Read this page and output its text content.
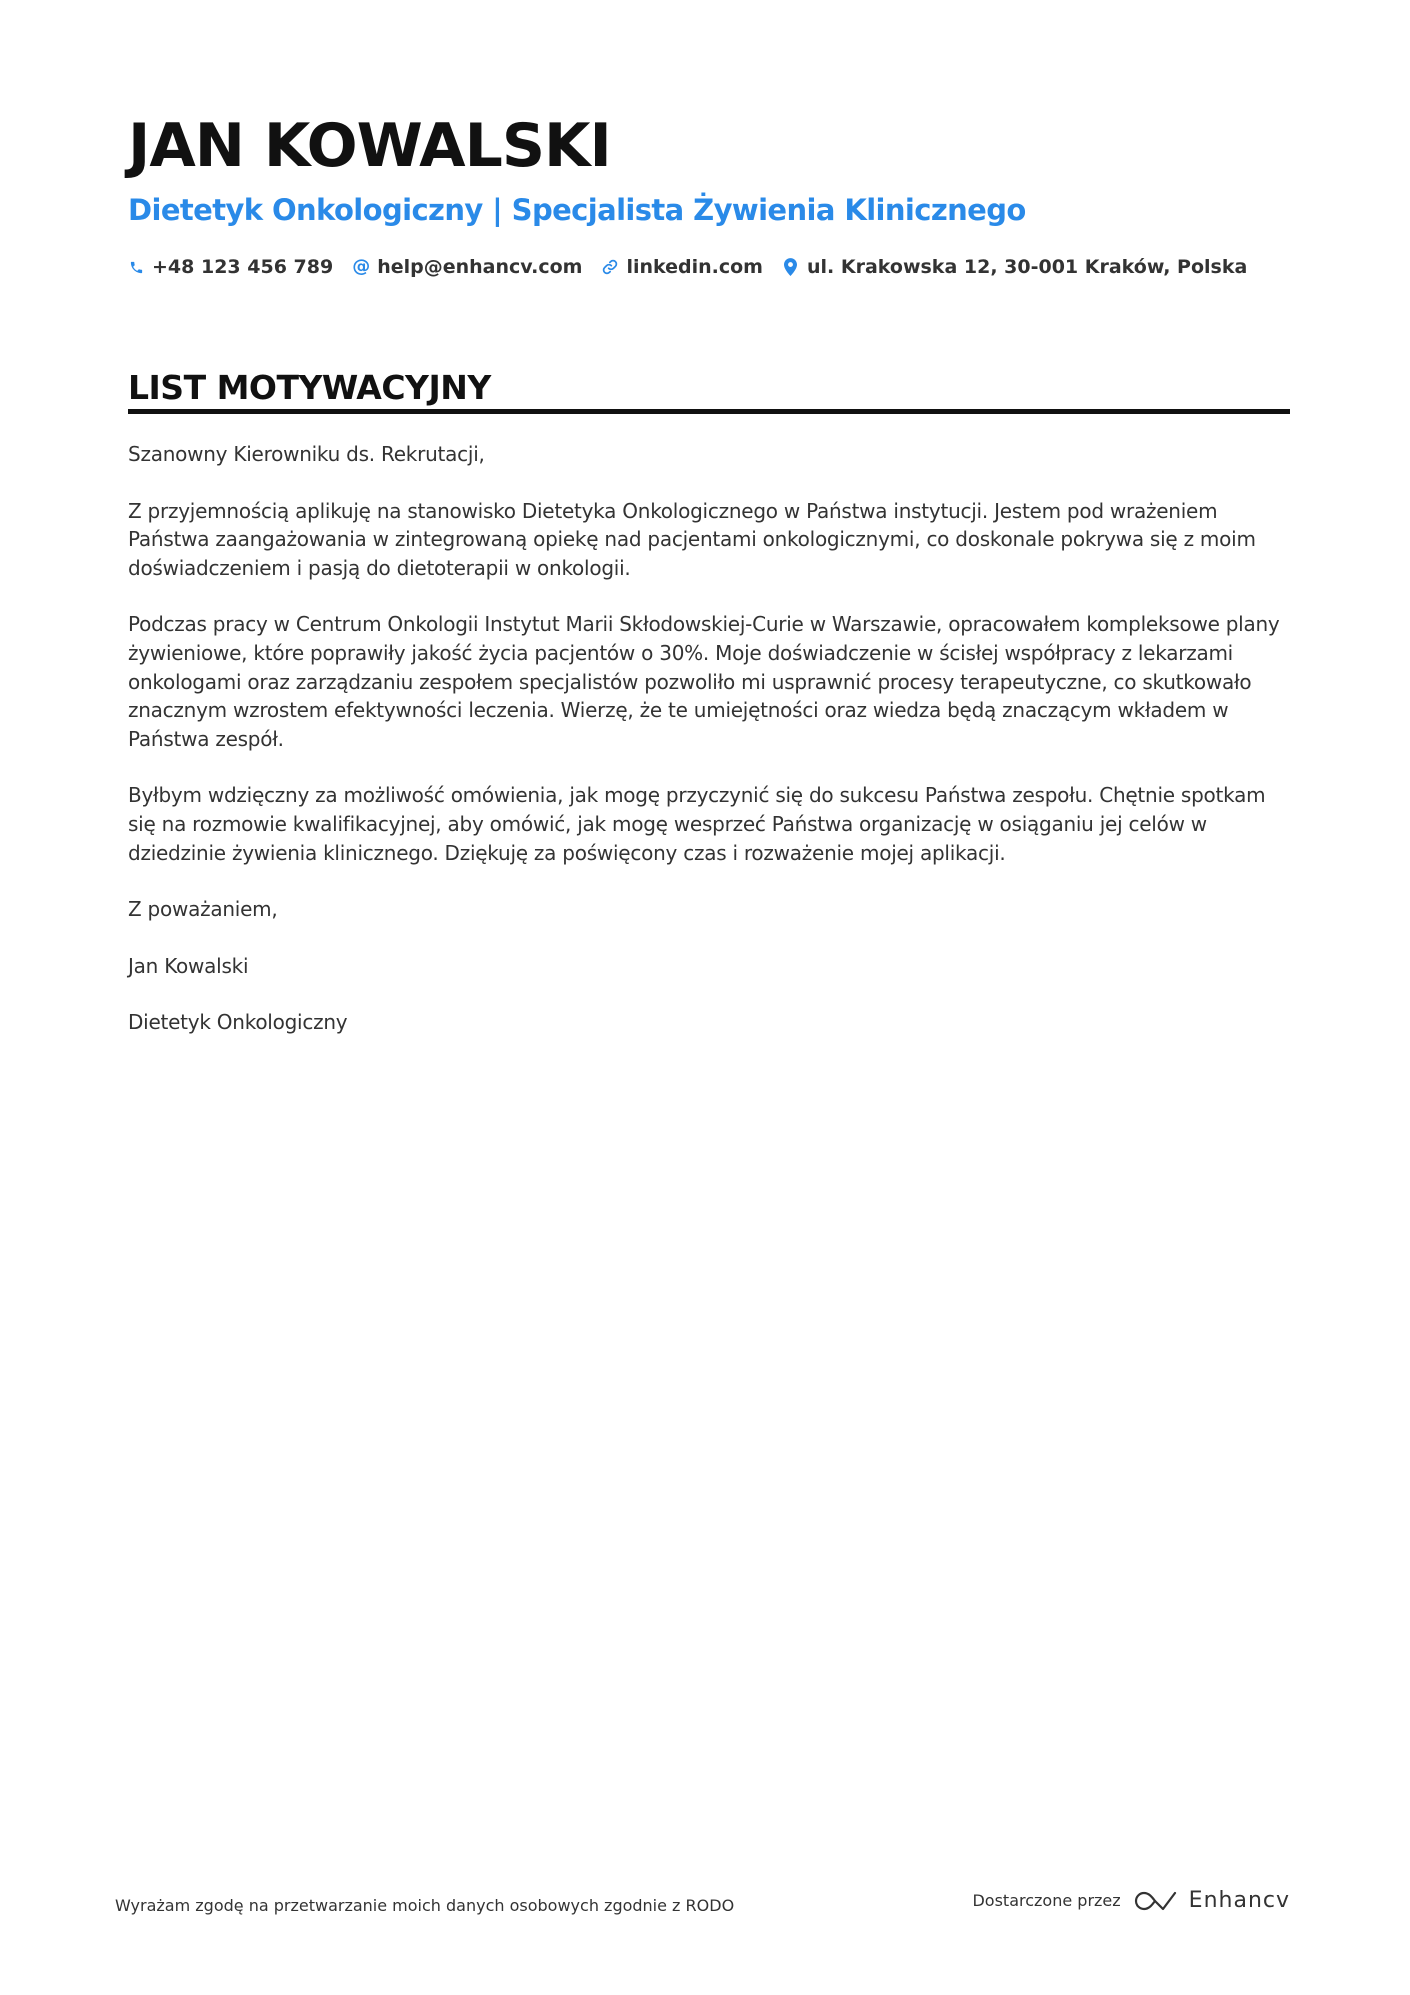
JAN KOWALSKI
Dietetyk Onkologiczny | Specjalista Żywienia Klinicznego
+48 123 456 789 @ help@enhancv.com linkedin.com ul. Krakowska 12, 30-001 Kraków, Polska
LIST MOTYWACYJNY

Szanowny Kierowniku ds. Rekrutacji,

Z przyjemnością aplikuję na stanowisko Dietetyka Onkologicznego w Państwa instytucji. Jestem pod wrażeniem Państwa zaangażowania w zintegrowaną opiekę nad pacjentami onkologicznymi, co doskonale pokrywa się z moim doświadczeniem i pasją do dietoterapii w onkologii.

Podczas pracy w Centrum Onkologii Instytut Marii Skłodowskiej-Curie w Warszawie, opracowałem kompleksowe plany żywieniowe, które poprawiły jakość życia pacjentów o 30%. Moje doświadczenie w ścisłej współpracy z lekarzami onkologami oraz zarządzaniu zespołem specjalistów pozwoliło mi usprawnić procesy terapeutyczne, co skutkowało znacznym wzrostem efektywności leczenia. Wierzę, że te umiejętności oraz wiedza będą znaczącym wkładem w Państwa zespół.

Byłbym wdzięczny za możliwość omówienia, jak mogę przyczynić się do sukcesu Państwa zespołu. Chętnie spotkam się na rozmowie kwalifikacyjnej, aby omówić, jak mogę wesprzeć Państwa organizację w osiąganiu jej celów w dziedzinie żywienia klinicznego. Dziękuję za poświęcony czas i rozważenie mojej aplikacji.

Z poważaniem,

Jan Kowalski

Dietetyk Onkologiczny

Wyrażam zgodę na przetwarzanie moich danych osobowych zgodnie z RODO	Dostarczone przez	Enhancv
